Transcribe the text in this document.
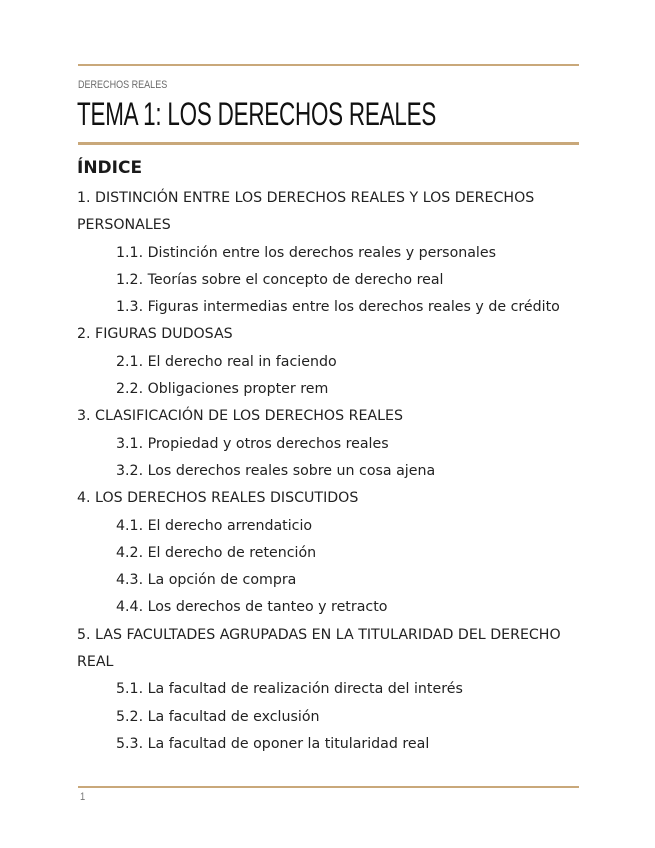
DERECHOS REALES
TEMA 1: LOS DERECHOS REALES
ÍNDICE
1. DISTINCIÓN ENTRE LOS DERECHOS REALES Y LOS DERECHOS PERSONALES
1.1. Distinción entre los derechos reales y personales
1.2. Teorías sobre el concepto de derecho real
1.3. Figuras intermedias entre los derechos reales y de crédito
2. FIGURAS DUDOSAS
2.1. El derecho real in faciendo
2.2. Obligaciones propter rem
3. CLASIFICACIÓN DE LOS DERECHOS REALES
3.1. Propiedad y otros derechos reales
3.2. Los derechos reales sobre un cosa ajena
4. LOS DERECHOS REALES DISCUTIDOS
4.1. El derecho arrendaticio
4.2. El derecho de retención
4.3. La opción de compra
4.4. Los derechos de tanteo y retracto
5. LAS FACULTADES AGRUPADAS EN LA TITULARIDAD DEL DERECHO REAL
5.1. La facultad de realización directa del interés
5.2. La facultad de exclusión
5.3. La facultad de oponer la titularidad real
1
